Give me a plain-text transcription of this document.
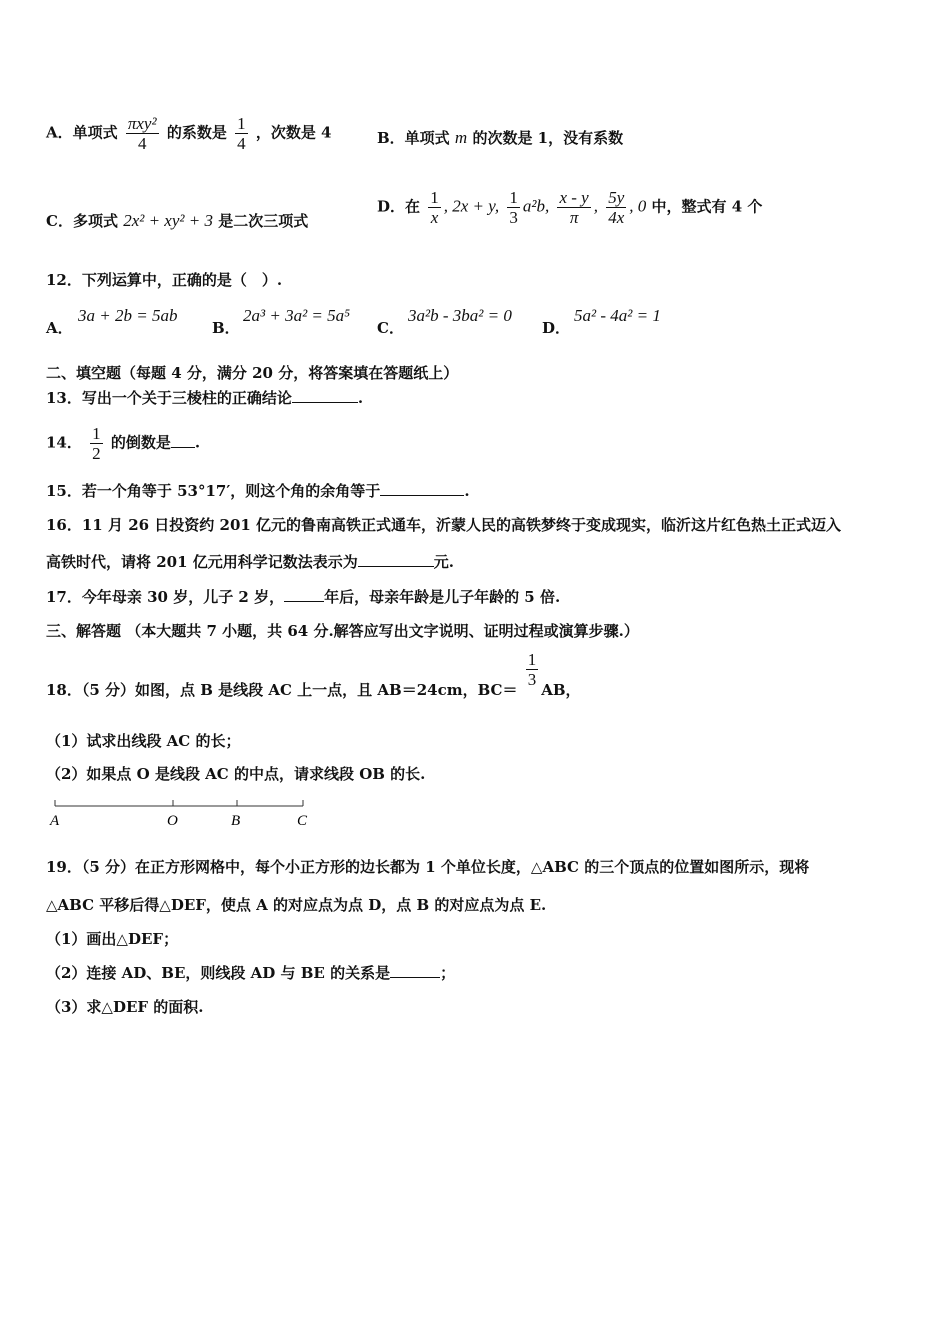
A．单项式 $\frac{\text{πxy²}}{4}$ 的系数是 $\frac{1}{4}$ ，次数是 4	B．单项式 m 的次数是 1，没有系数
C．多项式 2x² + xy² + 3 是二次三项式
D．在 $\frac{1}{x}$ , 2x + y, $\frac{1}{3} a^2b$, $\frac{x - y}{\pi}$ , $\frac{5y}{4x}$ , 0 中，整式有 4 个
12．下列运算中，正确的是（　）.
A．
3a + 2b = 5ab
B．
2a³ + 3a² = 5a⁵
C．
3a²b - 3ba² = 0
D．
5a² - 4a² = 1
二、填空题（每题 4 分，满分 20 分，将答案填在答题纸上）
13．写出一个关于三棱柱的正确结论	.
14． $\frac{1}{2}$ 的倒数是 .
15．若一个角等于 53°17′，则这个角的余角等于	.
16．11 月 26 日投资约 201 亿元的鲁南高铁正式通车，沂蒙人民的高铁梦终于变成现实，临沂这片红色热土正式迈入
高铁时代，请将 201 亿元用科学记数法表示为	元.
17．今年母亲 30 岁，儿子 2 岁，	年后，母亲年龄是儿子年龄的 5 倍.
三、解答题 （本大题共 7 小题，共 64 分.解答应写出文字说明、证明过程或演算步骤.）
18．（5 分）如图，点 B 是线段 AC 上一点，且 AB＝24cm，BC＝
$\frac{1}{3}$
AB，
（1）试求出线段 AC 的长；
（2）如果点 O 是线段 AC 的中点，请求线段 OB 的长.
A	O	B	C
19．（5 分）在正方形网格中，每个小正方形的边长都为 1 个单位长度，△ABC 的三个顶点的位置如图所示，现将
△ABC 平移后得△DEF，使点 A 的对应点为点 D，点 B 的对应点为点 E.
（1）画出△DEF；
（2）连接 AD、BE，则线段 AD 与 BE 的关系是	；
（3）求△DEF 的面积.
